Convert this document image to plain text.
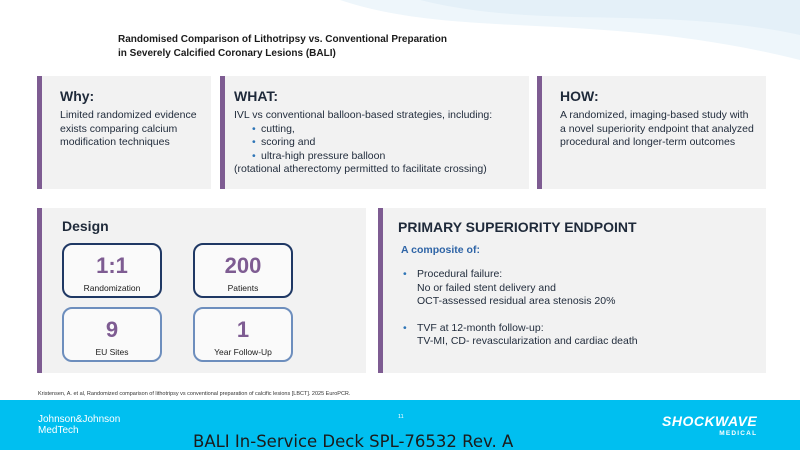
Randomised Comparison of Lithotripsy vs. Conventional Preparation
in Severely Calcified Coronary Lesions (BALI)
Why:
Limited randomized evidence exists comparing calcium modification techniques
WHAT:
IVL vs conventional balloon-based strategies, including:
• cutting,
• scoring and
• ultra-high pressure balloon
(rotational atherectomy permitted to facilitate crossing)
HOW:
A randomized, imaging-based study with a novel superiority endpoint that analyzed procedural and longer-term outcomes
Design
1:1
Randomization
200
Patients
9
EU Sites
1
Year Follow-Up
PRIMARY SUPERIORITY ENDPOINT
A composite of:
• Procedural failure:
No or failed stent delivery and
OCT-assessed residual area stenosis 20%
• TVF at 12-month follow-up:
TV-MI, CD- revascularization and cardiac death
Kristensen, A. et al, Randomized comparison of lithotripsy vs conventional preparation of calcific lesions [LBCT]. 2025 EuroPCR.
Johnson&Johnson
MedTech
11
BALI In-Service Deck SPL-76532 Rev. A
SHOCKWAVE
MEDICAL
